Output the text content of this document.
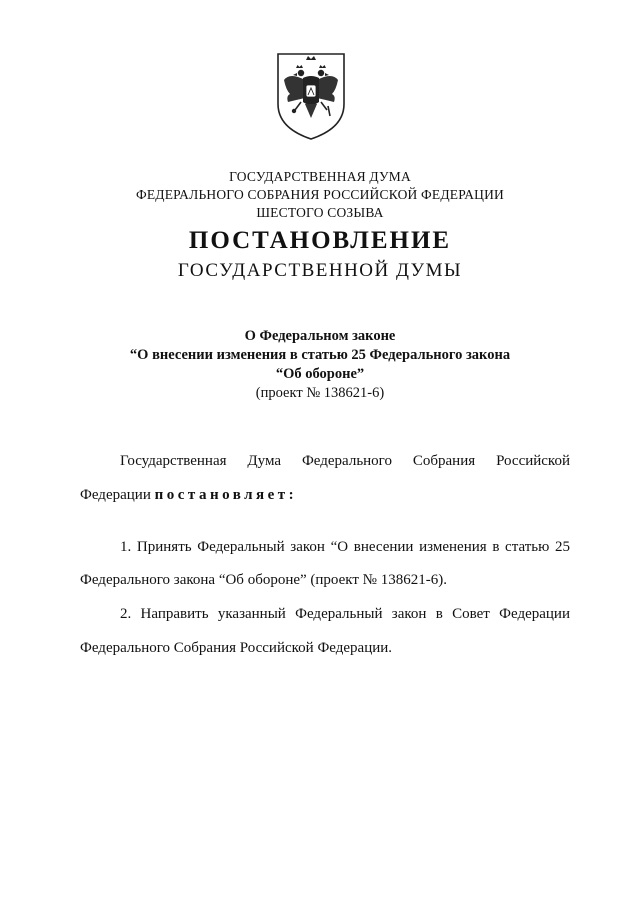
ГОСУДАРСТВЕННАЯ ДУМА
ФЕДЕРАЛЬНОГО СОБРАНИЯ РОССИЙСКОЙ ФЕДЕРАЦИИ
ШЕСТОГО СОЗЫВА
ПОСТАНОВЛЕНИЕ
ГОСУДАРСТВЕННОЙ ДУМЫ
О Федеральном законе
“О внесении изменения в статью 25 Федерального закона
“Об обороне”
(проект № 138621-6)
Государственная Дума Федерального Собрания Российской
Федерации постановляет:
1. Принять Федеральный закон “О внесении изменения в статью 25
Федерального закона “Об обороне” (проект № 138621-6).
2. Направить указанный Федеральный закон в Совет Федерации
Федерального Собрания Российской Федерации.
